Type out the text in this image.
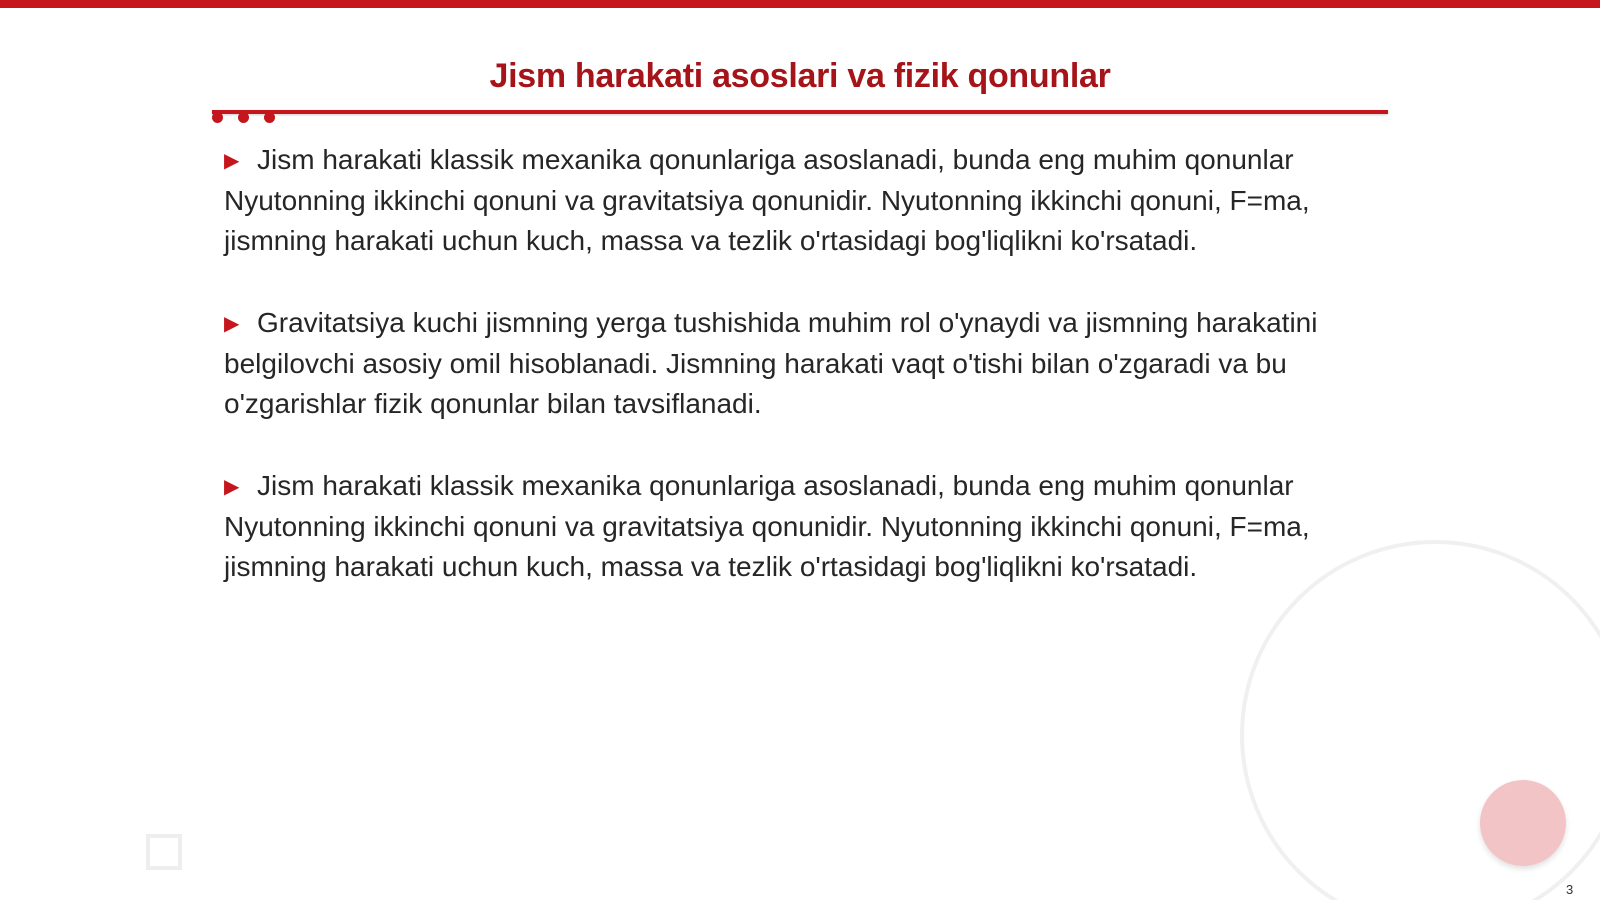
Jism harakati asoslari va fizik qonunlar

▶ Jism harakati klassik mexanika qonunlariga asoslanadi, bunda eng muhim qonunlar Nyutonning ikkinchi qonuni va gravitatsiya qonunidir. Nyutonning ikkinchi qonuni, F=ma, jismning harakati uchun kuch, massa va tezlik o'rtasidagi bog'liqlikni ko'rsatadi.

▶ Gravitatsiya kuchi jismning yerga tushishida muhim rol o'ynaydi va jismning harakatini belgilovchi asosiy omil hisoblanadi. Jismning harakati vaqt o'tishi bilan o'zgaradi va bu o'zgarishlar fizik qonunlar bilan tavsiflanadi.

▶ Jism harakati klassik mexanika qonunlariga asoslanadi, bunda eng muhim qonunlar Nyutonning ikkinchi qonuni va gravitatsiya qonunidir. Nyutonning ikkinchi qonuni, F=ma, jismning harakati uchun kuch, massa va tezlik o'rtasidagi bog'liqlikni ko'rsatadi.

3
